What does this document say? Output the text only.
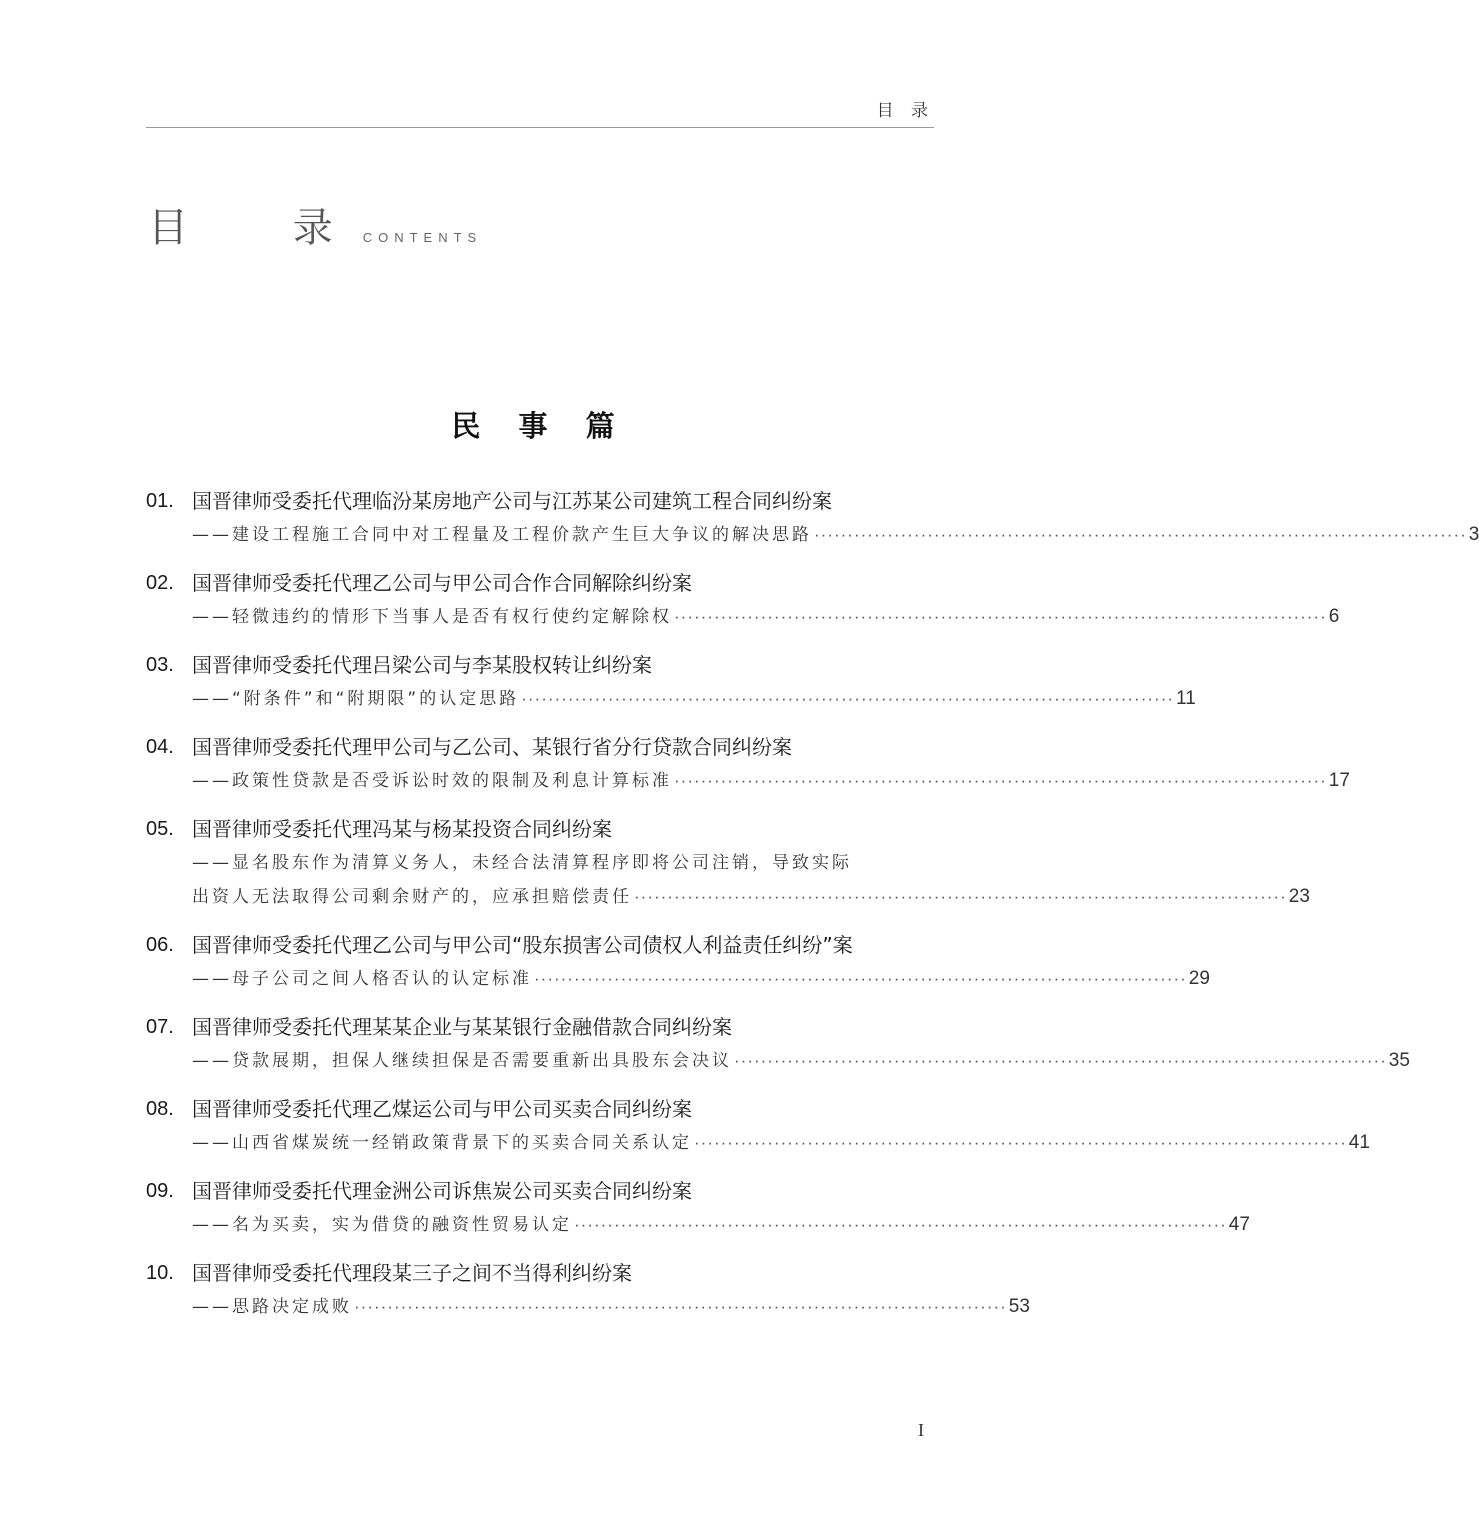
目 录
目 录
CONTENTS
民 事 篇
01. 国晋律师受委托代理临汾某房地产公司与江苏某公司建筑工程合同纠纷案
——建设工程施工合同中对工程量及工程价款产生巨大争议的解决思路 ·································································································· 3
02. 国晋律师受委托代理乙公司与甲公司合作合同解除纠纷案
——轻微违约的情形下当事人是否有权行使约定解除权 ·································································································· 6
03. 国晋律师受委托代理吕梁公司与李某股权转让纠纷案
——“附条件”和“附期限”的认定思路 ·································································································· 11
04. 国晋律师受委托代理甲公司与乙公司、某银行省分行贷款合同纠纷案
——政策性贷款是否受诉讼时效的限制及利息计算标准 ·································································································· 17
05. 国晋律师受委托代理冯某与杨某投资合同纠纷案
——显名股东作为清算义务人，未经合法清算程序即将公司注销，导致实际
出资人无法取得公司剩余财产的，应承担赔偿责任 ·································································································· 23
06. 国晋律师受委托代理乙公司与甲公司“股东损害公司债权人利益责任纠纷”案
——母子公司之间人格否认的认定标准 ·································································································· 29
07. 国晋律师受委托代理某某企业与某某银行金融借款合同纠纷案
——贷款展期，担保人继续担保是否需要重新出具股东会决议 ·································································································· 35
08. 国晋律师受委托代理乙煤运公司与甲公司买卖合同纠纷案
——山西省煤炭统一经销政策背景下的买卖合同关系认定 ·································································································· 41
09. 国晋律师受委托代理金洲公司诉焦炭公司买卖合同纠纷案
——名为买卖，实为借贷的融资性贸易认定 ·································································································· 47
10. 国晋律师受委托代理段某三子之间不当得利纠纷案
——思路决定成败 ·································································································· 53
I
